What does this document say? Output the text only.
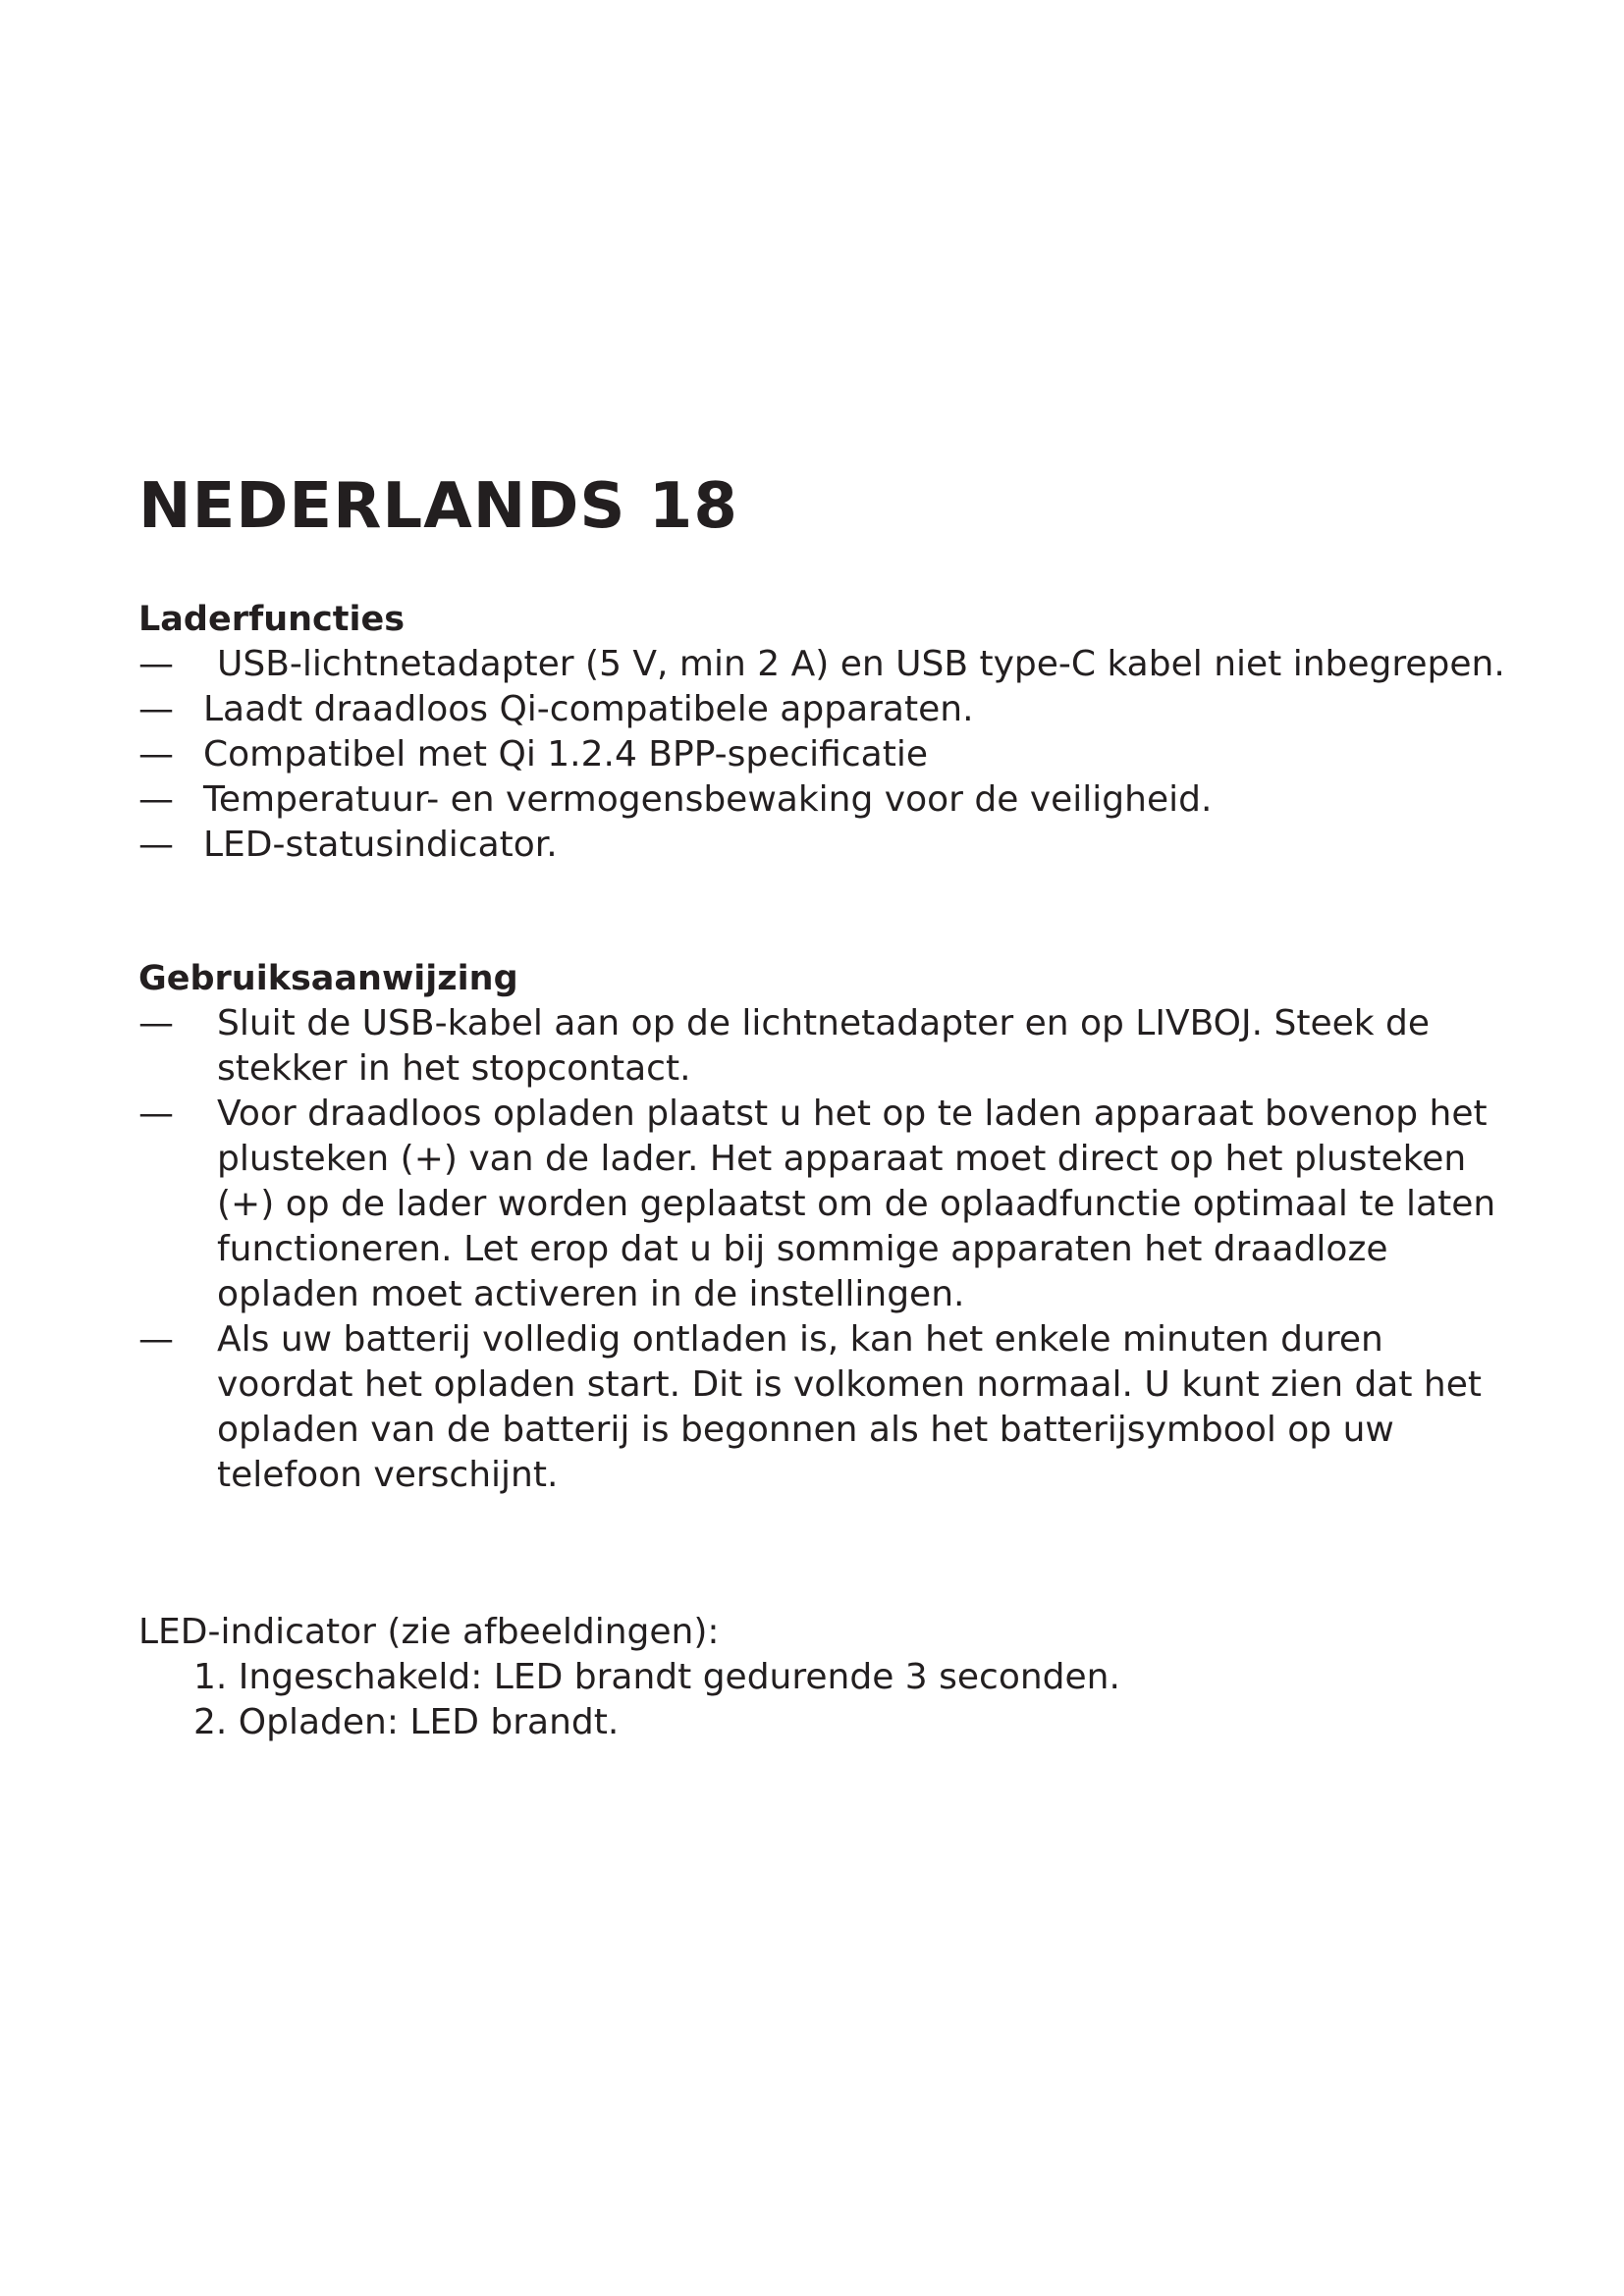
NEDERLANDS 18
Laderfuncties
—	USB-lichtnetadapter (5 V, min 2 A) en USB type-C kabel niet inbegrepen.
— Laadt draadloos Qi-compatibele apparaten.
— Compatibel met Qi 1.2.4 BPP-specificatie
— Temperatuur- en vermogensbewaking voor de veiligheid.
— LED-statusindicator.
Gebruiksaanwijzing
—	Sluit de USB-kabel aan op de lichtnetadapter en op LIVBOJ. Steek de stekker in het stopcontact.
—	Voor draadloos opladen plaatst u het op te laden apparaat bovenop het plusteken (+) van de lader. Het apparaat moet direct op het plusteken (+) op de lader worden geplaatst om de oplaadfunctie optimaal te laten functioneren. Let erop dat u bij sommige apparaten het draadloze opladen moet activeren in de instellingen.
—	Als uw batterij volledig ontladen is, kan het enkele minuten duren voordat het opladen start. Dit is volkomen normaal. U kunt zien dat het opladen van de batterij is begonnen als het batterijsymbool op uw telefoon verschijnt.

LED-indicator (zie afbeeldingen):

1. Ingeschakeld: LED brandt gedurende 3 seconden.
2. Opladen: LED brandt.
